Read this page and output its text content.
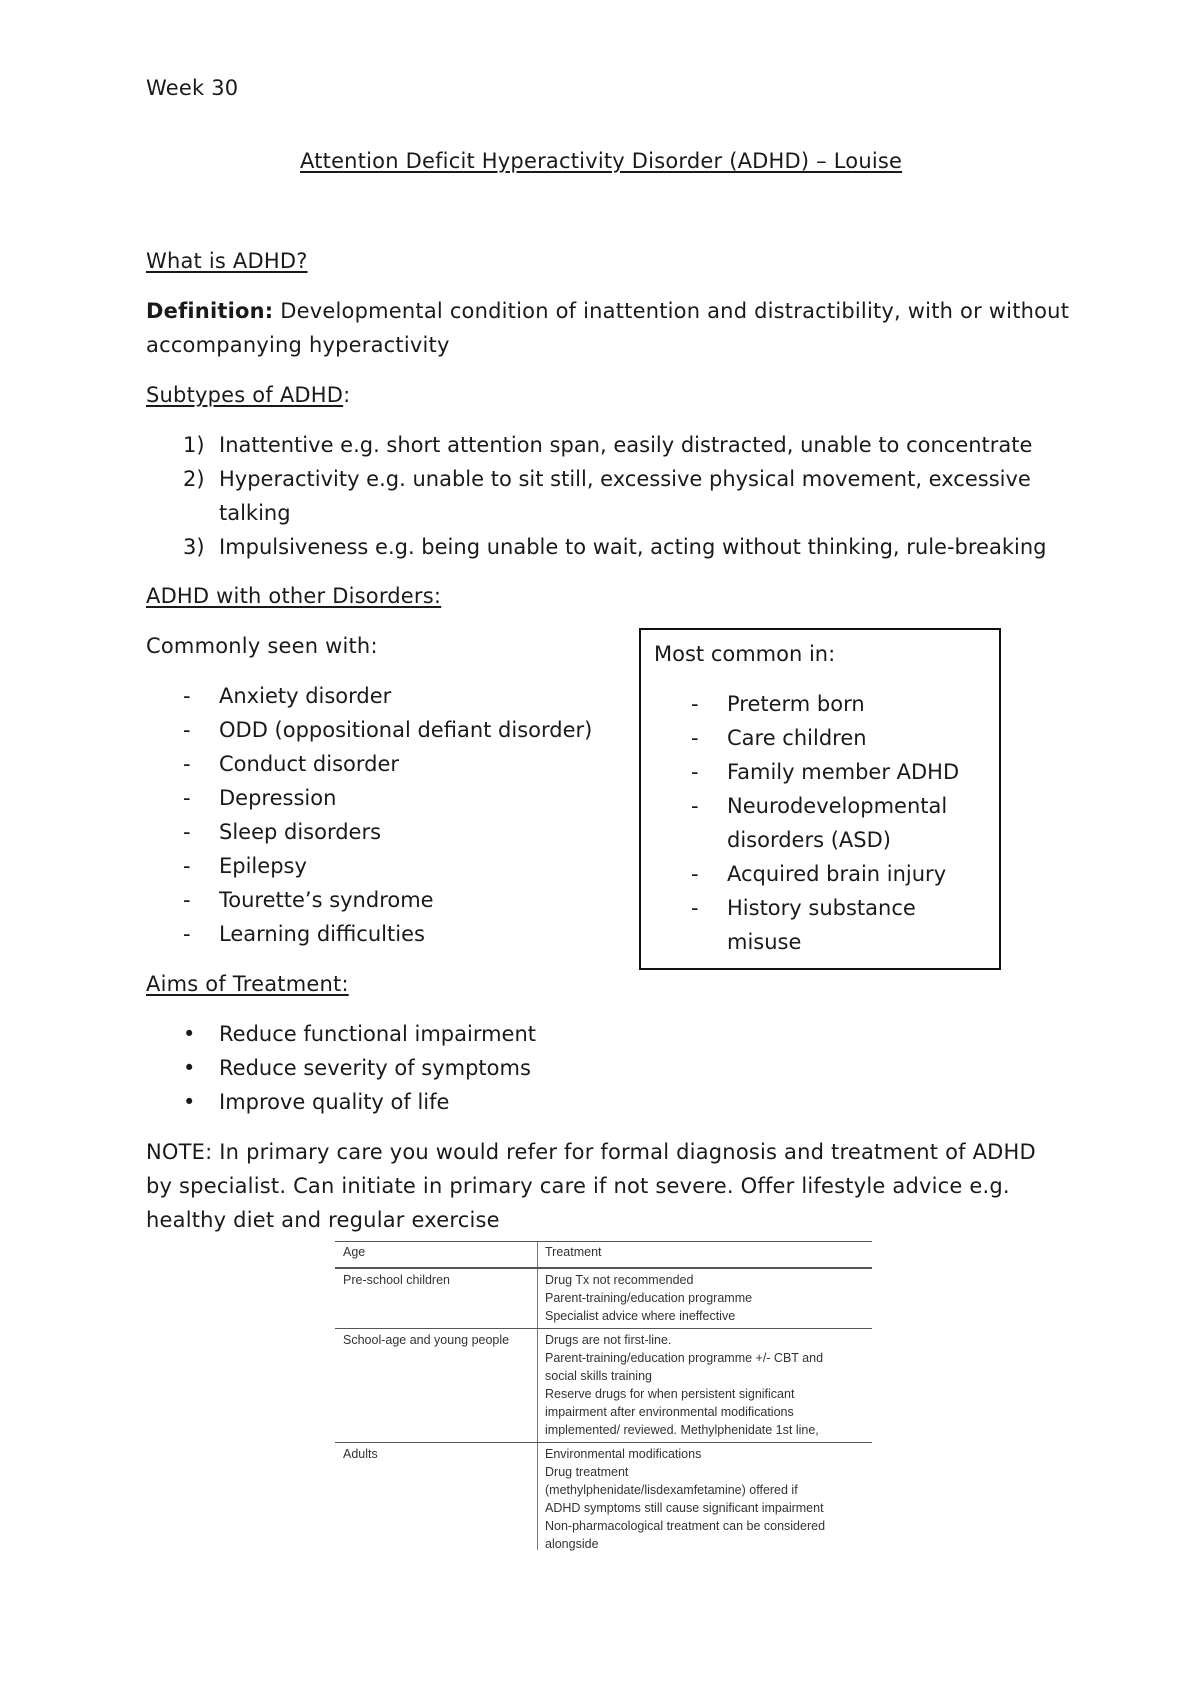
Week 30
Attention Deficit Hyperactivity Disorder (ADHD) – Louise
What is ADHD?
Definition: Developmental condition of inattention and distractibility, with or without
accompanying hyperactivity
Subtypes of ADHD:
1) Inattentive e.g. short attention span, easily distracted, unable to concentrate
2) Hyperactivity e.g. unable to sit still, excessive physical movement, excessive
talking
3) Impulsiveness e.g. being unable to wait, acting without thinking, rule-breaking
ADHD with other Disorders:
Commonly seen with:
-	Anxiety disorder
-	ODD (oppositional defiant disorder)
-	Conduct disorder
-	Depression
-	Sleep disorders
-	Epilepsy
-	Tourette’s syndrome
-	Learning difficulties
Most common in:
-	Preterm born
-	Care children
-	Family member ADHD
-	Neurodevelopmental
disorders (ASD)
-	Acquired brain injury
-	History substance
misuse
Aims of Treatment:
•	Reduce functional impairment
•	Reduce severity of symptoms
•	Improve quality of life
NOTE: In primary care you would refer for formal diagnosis and treatment of ADHD
by specialist. Can initiate in primary care if not severe. Offer lifestyle advice e.g.
healthy diet and regular exercise
Age	Treatment
Pre-school children	Drug Tx not recommended
Parent-training/education programme
Specialist advice where ineffective
School-age and young people	Drugs are not first-line.
Parent-training/education programme +/- CBT and
social skills training
Reserve drugs for when persistent significant
impairment after environmental modifications
implemented/ reviewed. Methylphenidate 1st line,
Adults	Environmental modifications
Drug treatment
(methylphenidate/lisdexamfetamine) offered if
ADHD symptoms still cause significant impairment
Non-pharmacological treatment can be considered
alongside
